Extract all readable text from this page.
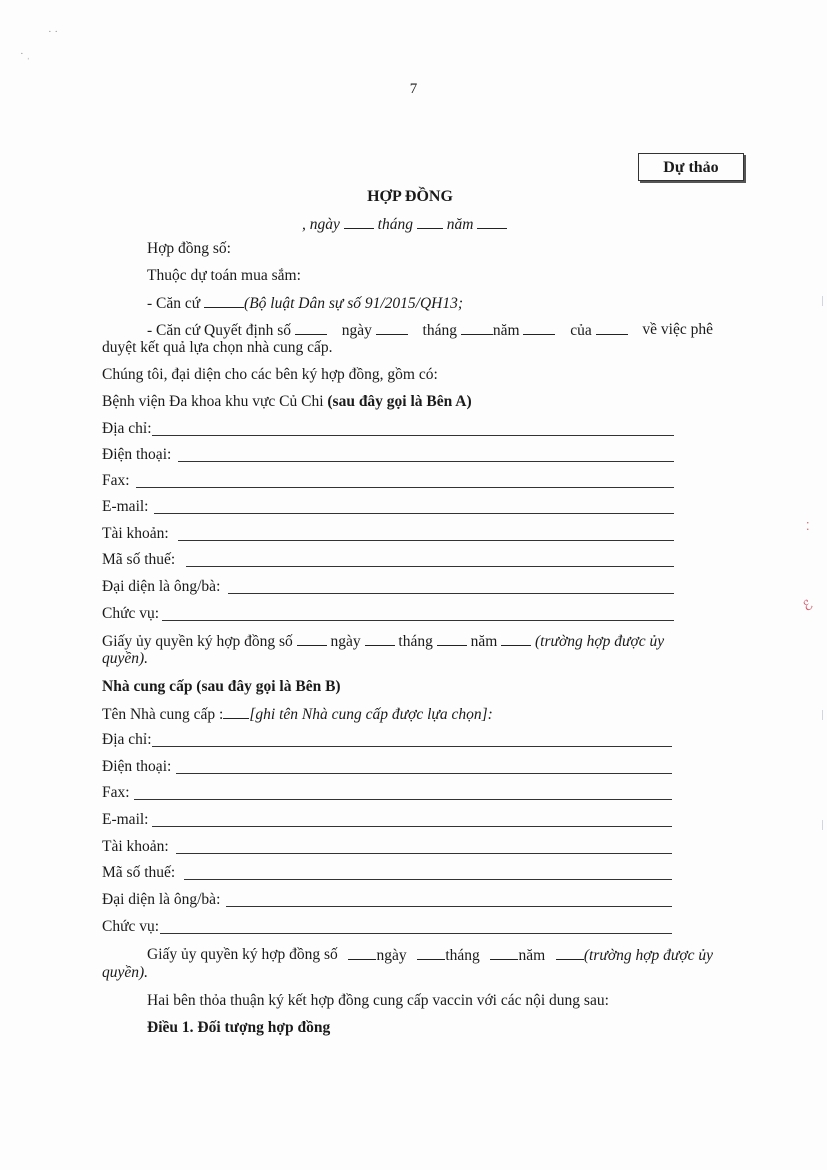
· ·
· ˌ
⁚
ℰ
7
Dự thảo
HỢP ĐỒNG
, ngày tháng năm
Hợp đồng số:
Thuộc dự toán mua sắm:
- Căn cứ	(Bộ luật Dân sự số 91/2015/QH13;
- Căn cứ Quyết định số	ngày	tháng năm	của	về việc phê
duyệt kết quả lựa chọn nhà cung cấp.
Chúng tôi, đại diện cho các bên ký hợp đồng, gồm có:
Bệnh viện Đa khoa khu vực Củ Chi (sau đây gọi là Bên A)
Địa chỉ:
Điện thoại:
Fax:
E-mail:
Tài khoản:
Mã số thuế:
Đại diện là ông/bà:
Chức vụ:
Giấy ủy quyền ký hợp đồng số ngày tháng năm (trường hợp được ủy
quyền).
Nhà cung cấp (sau đây gọi là Bên B)
Tên Nhà cung cấp : [ghi tên Nhà cung cấp được lựa chọn]:
Địa chỉ:
Điện thoại:
Fax:
E-mail:
Tài khoản:
Mã số thuế:
Đại diện là ông/bà:
Chức vụ:
Giấy ủy quyền ký hợp đồng số	ngày	tháng	năm	(trường hợp được ủy
quyền).
Hai bên thỏa thuận ký kết hợp đồng cung cấp vaccin với các nội dung sau:
Điều 1. Đối tượng hợp đồng
